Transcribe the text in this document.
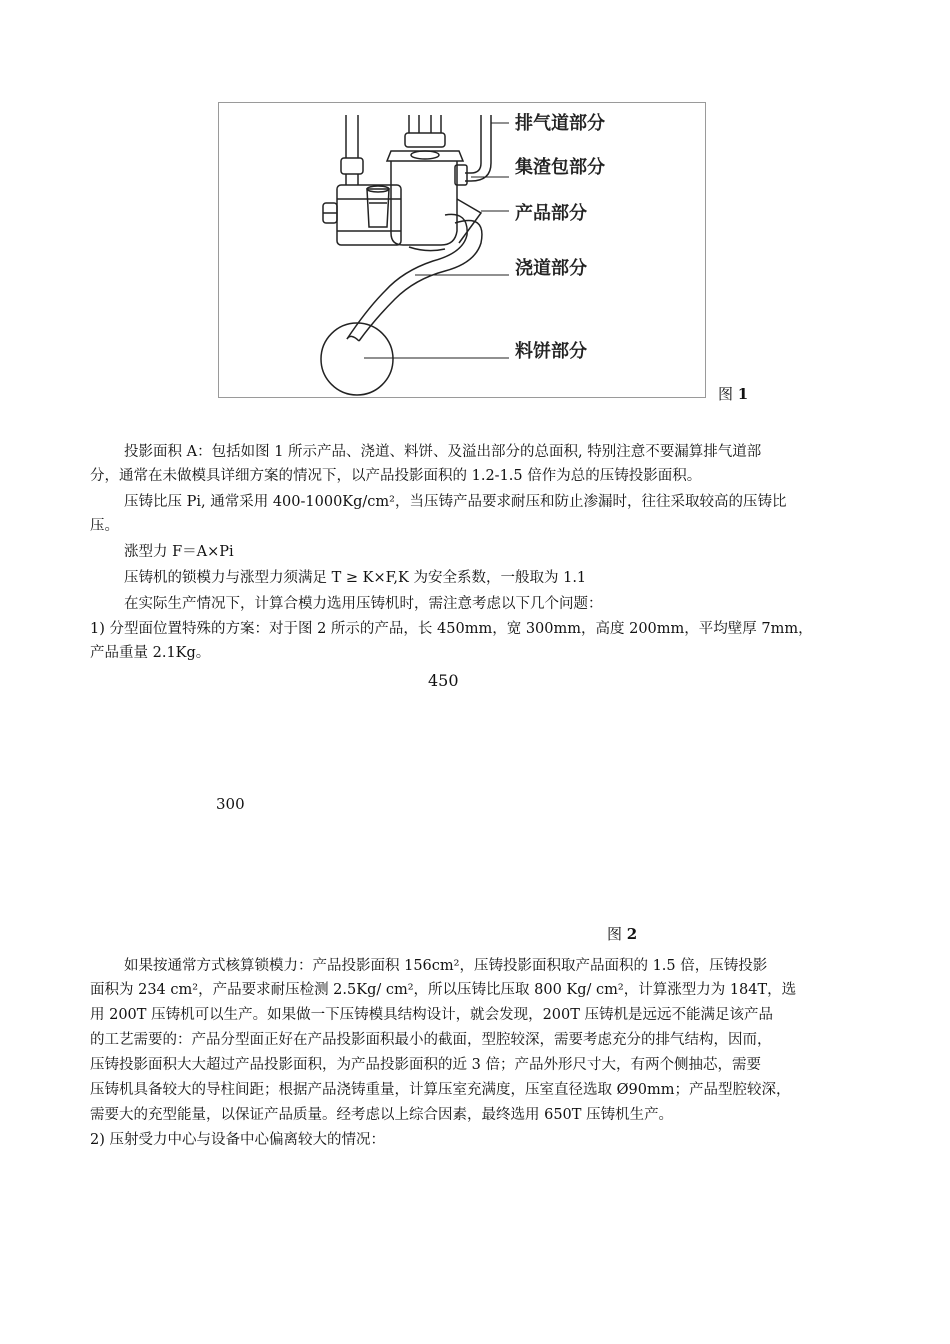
排气道部分
集渣包部分
产品部分
浇道部分
料饼部分
图 1
投影面积 A：包括如图 1 所示产品、浇道、料饼、及溢出部分的总面积, 特别注意不要漏算排气道部
分，通常在未做模具详细方案的情况下，以产品投影面积的 1.2-1.5 倍作为总的压铸投影面积。
压铸比压 Pi, 通常采用 400-1000Kg/cm²，当压铸产品要求耐压和防止渗漏时，往往采取较高的压铸比
压。
涨型力 F＝A×Pi
压铸机的锁模力与涨型力须满足 T ≥ K×F,K 为安全系数，一般取为 1.1
在实际生产情况下，计算合模力选用压铸机时，需注意考虑以下几个问题：
1) 分型面位置特殊的方案：对于图 2 所示的产品，长 450mm，宽 300mm，高度 200mm，平均壁厚 7mm，
产品重量 2.1Kg。
450
300
图 2
如果按通常方式核算锁模力：产品投影面积 156cm²，压铸投影面积取产品面积的 1.5 倍，压铸投影
面积为 234 cm²，产品要求耐压检测 2.5Kg/ cm²，所以压铸比压取 800 Kg/ cm²，计算涨型力为 184T，选
用 200T 压铸机可以生产。如果做一下压铸模具结构设计，就会发现，200T 压铸机是远远不能满足该产品
的工艺需要的：产品分型面正好在产品投影面积最小的截面，型腔较深，需要考虑充分的排气结构，因而，
压铸投影面积大大超过产品投影面积，为产品投影面积的近 3 倍；产品外形尺寸大，有两个侧抽芯，需要
压铸机具备较大的导柱间距；根据产品浇铸重量，计算压室充满度，压室直径选取 Ø90mm；产品型腔较深，
需要大的充型能量，以保证产品质量。经考虑以上综合因素，最终选用 650T 压铸机生产。
2) 压射受力中心与设备中心偏离较大的情况：
